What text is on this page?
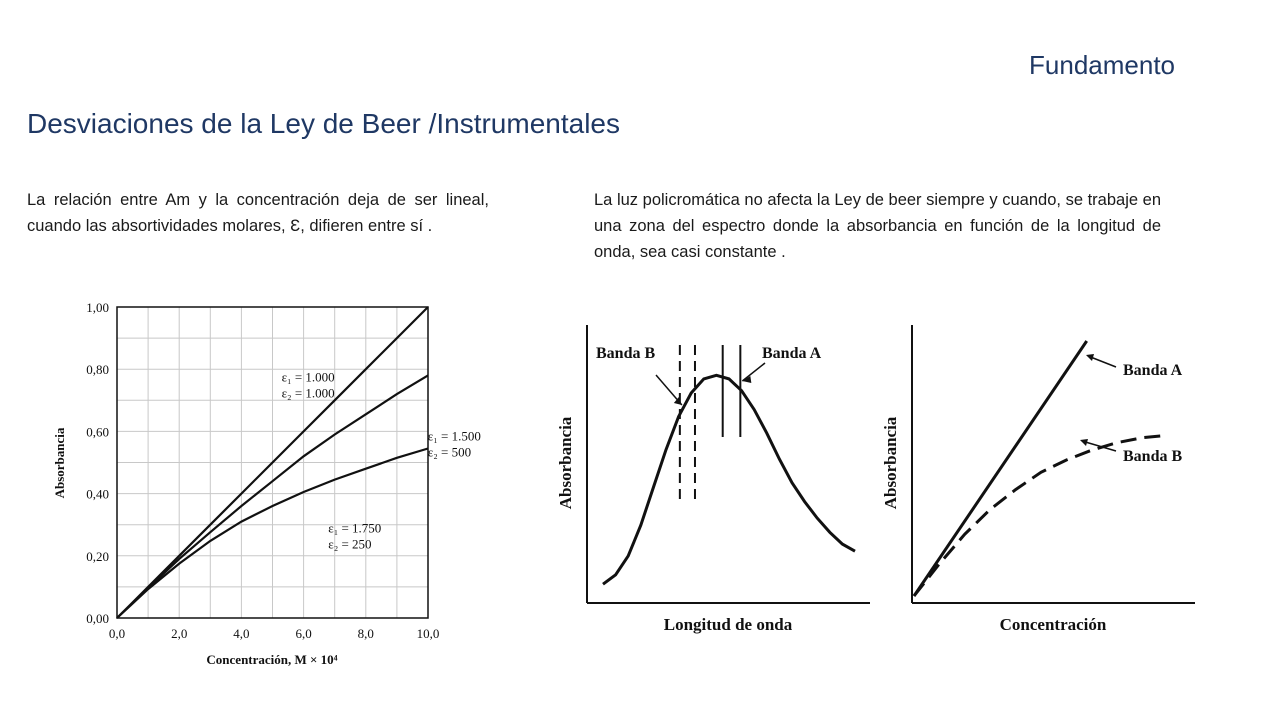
Fundamento
Desviaciones de la Ley de Beer /Instrumentales
La relación entre Am y la concentración deja de ser lineal, cuando las absortividades molares, Ɛ, difieren entre sí .
La luz policromática no afecta la Ley de beer siempre y cuando, se trabaje en una zona del espectro donde la absorbancia en función de la longitud de onda, sea casi constante .
0,0	2,0	4,0	6,0	8,0	10,0
0,00
0,20
0,40
0,60
0,80
1,00
ε₁ = 1.000
ε₂ = 1.000
ε₁ = 1.500
ε₂ = 500
ε₁ = 1.750
ε₂ = 250
Concentración, M × 10⁴
Absorbancia
Banda B	Banda A
Longitud de onda
Absorbancia
Banda A
Banda B
Concentración
Absorbancia
